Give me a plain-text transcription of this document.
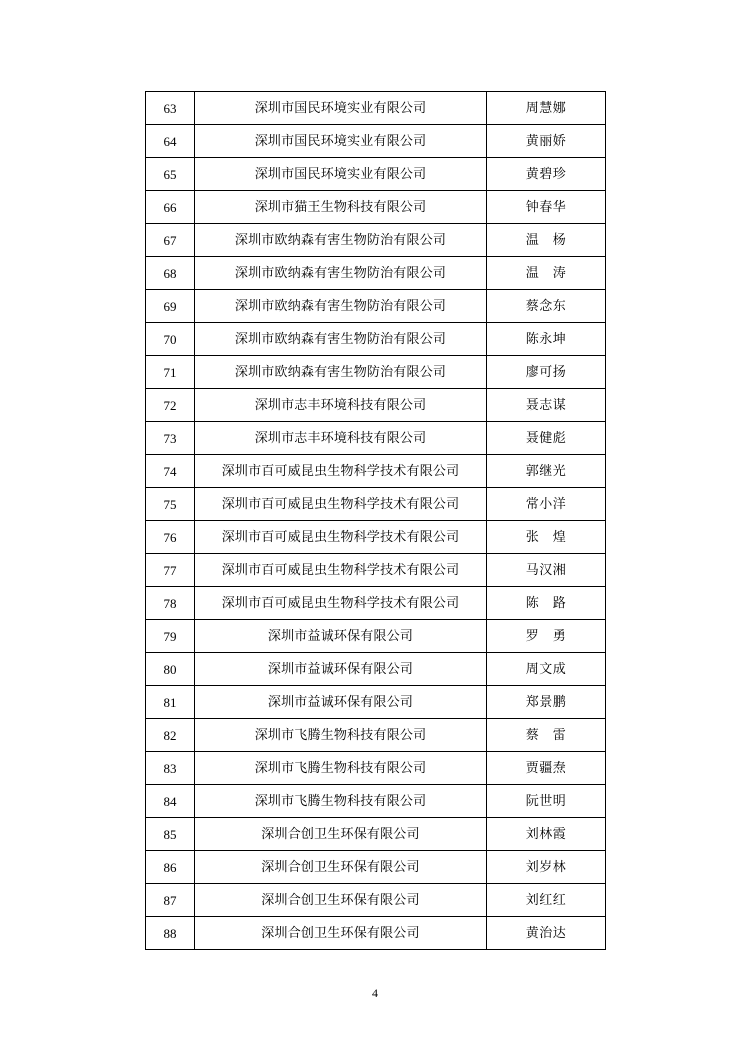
63	深圳市国民环境实业有限公司	周慧娜
64	深圳市国民环境实业有限公司	黄丽娇
65	深圳市国民环境实业有限公司	黄碧珍
66	深圳市猫王生物科技有限公司	钟春华
67	深圳市欧纳森有害生物防治有限公司	温　杨
68	深圳市欧纳森有害生物防治有限公司	温　涛
69	深圳市欧纳森有害生物防治有限公司	蔡念东
70	深圳市欧纳森有害生物防治有限公司	陈永坤
71	深圳市欧纳森有害生物防治有限公司	廖可扬
72	深圳市志丰环境科技有限公司	聂志谋
73	深圳市志丰环境科技有限公司	聂健彪
74	深圳市百可威昆虫生物科学技术有限公司	郭继光
75	深圳市百可威昆虫生物科学技术有限公司	常小洋
76	深圳市百可威昆虫生物科学技术有限公司	张　煌
77	深圳市百可威昆虫生物科学技术有限公司	马汉湘
78	深圳市百可威昆虫生物科学技术有限公司	陈　路
79	深圳市益诚环保有限公司	罗　勇
80	深圳市益诚环保有限公司	周文成
81	深圳市益诚环保有限公司	郑景鹏
82	深圳市飞腾生物科技有限公司	蔡　雷
83	深圳市飞腾生物科技有限公司	贾疆焘
84	深圳市飞腾生物科技有限公司	阮世明
85	深圳合创卫生环保有限公司	刘林霞
86	深圳合创卫生环保有限公司	刘岁林
87	深圳合创卫生环保有限公司	刘红红
88	深圳合创卫生环保有限公司	黄治达
4
